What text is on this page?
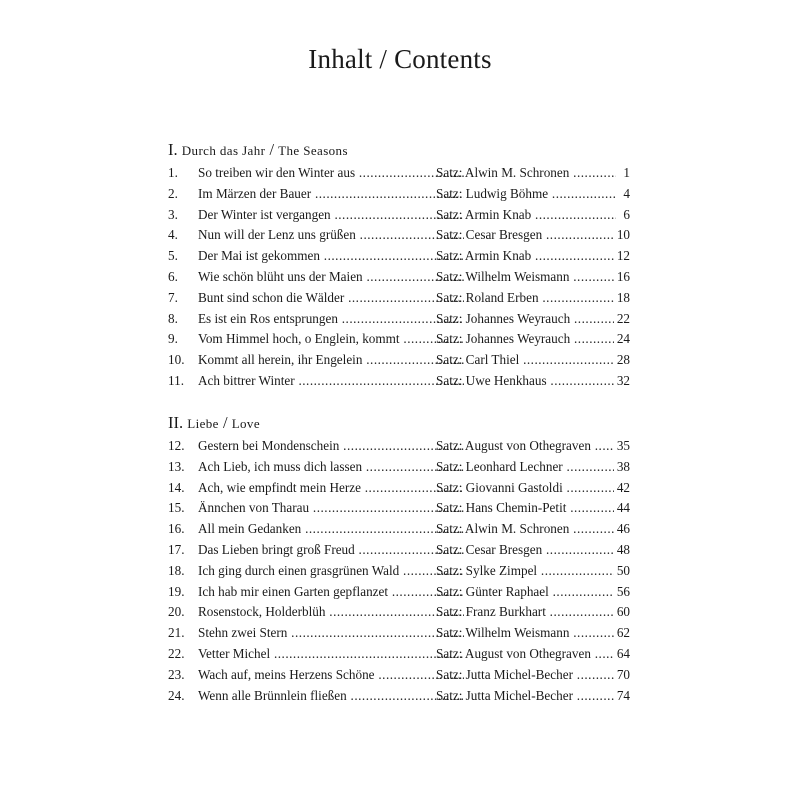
Inhalt / Contents
I. Durch das Jahr / The Seasons
1.	So treiben wir den Winter aus .....	Satz: Alwin M. Schronen .....	1
2.	Im Märzen der Bauer .....	Satz: Ludwig Böhme .....	4
3.	Der Winter ist vergangen .....	Satz: Armin Knab .....	6
4.	Nun will der Lenz uns grüßen .....	Satz: Cesar Bresgen .....	10
5.	Der Mai ist gekommen .....	Satz: Armin Knab .....	12
6.	Wie schön blüht uns der Maien .....	Satz: Wilhelm Weismann .....	16
7.	Bunt sind schon die Wälder .....	Satz: Roland Erben .....	18
8.	Es ist ein Ros entsprungen .....	Satz: Johannes Weyrauch .....	22
9.	Vom Himmel hoch, o Englein, kommt .....	Satz: Johannes Weyrauch .....	24
10.	Kommt all herein, ihr Engelein .....	Satz: Carl Thiel .....	28
11.	Ach bittrer Winter .....	Satz: Uwe Henkhaus .....	32
II. Liebe / Love
12.	Gestern bei Mondenschein .....	Satz: August von Othegraven .....	35
13.	Ach Lieb, ich muss dich lassen .....	Satz: Leonhard Lechner .....	38
14.	Ach, wie empfindt mein Herze .....	Satz: Giovanni Gastoldi .....	42
15.	Ännchen von Tharau .....	Satz: Hans Chemin-Petit .....	44
16.	All mein Gedanken .....	Satz: Alwin M. Schronen .....	46
17.	Das Lieben bringt groß Freud .....	Satz: Cesar Bresgen .....	48
18.	Ich ging durch einen grasgrünen Wald .....	Satz: Sylke Zimpel .....	50
19.	Ich hab mir einen Garten gepflanzet .....	Satz: Günter Raphael .....	56
20.	Rosenstock, Holderblüh .....	Satz: Franz Burkhart .....	60
21.	Stehn zwei Stern .....	Satz: Wilhelm Weismann .....	62
22.	Vetter Michel .....	Satz: August von Othegraven .....	64
23.	Wach auf, meins Herzens Schöne .....	Satz: Jutta Michel-Becher .....	70
24.	Wenn alle Brünnlein fließen .....	Satz: Jutta Michel-Becher .....	74
